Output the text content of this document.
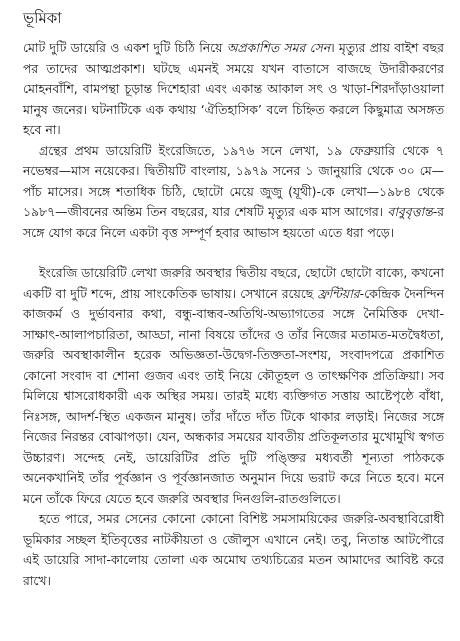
ভূমিকা

মোট দুটি ডায়েরি ও একশ দুটি চিঠি নিয়ে অপ্রকাশিত সমর সেন। মৃত্যুর প্রায় বাইশ বছর পর তাদের আত্মপ্রকাশ। ঘটছে এমনই সময়ে যখন বাতাসে বাজছে উদারীকরণের মোহনবাঁশি, বামপন্থা চূড়ান্ত দিশেহারা এবং একান্ত আকাল সৎ ও খাড়া-শিরদাঁড়াওয়ালা মানুষ জনের। ঘটনাটিকে এক কথায় ‘ঐতিহাসিক’ বলে চিহ্নিত করলে কিছুমাত্র অসঙ্গত হবে না।

গ্রন্থের প্রথম ডায়েরিটি ইংরেজিতে, ১৯৭৬ সনে লেখা, ১৯ ফেব্রুয়ারি থেকে ৭ নভেম্বর—মাস নয়েকের। দ্বিতীয়টি বাংলায়, ১৯৭৯ সনের ১ জানুয়ারি থেকে ৩০ মে—পাঁচ মাসের। সঙ্গে শতাধিক চিঠি, ছোটো মেয়ে জুজু (যূথী)-কে লেখা—১৯৮৪ থেকে ১৯৮৭—জীবনের অন্তিম তিন বছরের, যার শেষটি মৃত্যুর এক মাস আগের। বাবুবৃত্তান্ত-র সঙ্গে যোগ করে নিলে একটা বৃত্ত সম্পূর্ণ হবার আভাস হয়তো এতে ধরা পড়ে।

ইংরেজি ডায়েরিটি লেখা জরুরি অবস্থার দ্বিতীয় বছরে, ছোটো ছোটো বাক্যে, কখনো একটি বা দুটি শব্দে, প্রায় সাংকেতিক ভাষায়। সেখানে রয়েছে ফ্রন্টিয়ার-কেন্দ্রিক দৈনন্দিন কাজকর্ম ও দুর্ভাবনার কথা, বন্ধু-বান্ধব-অতিথি-অভ্যাগতের সঙ্গে নৈমিত্তিক দেখা-সাক্ষাৎ-আলাপচারিতা, আড্ডা, নানা বিষয়ে তাঁদের ও তাঁর নিজের মতামত-মতদ্বৈধতা, জরুরি অবস্থাকালীন হরেক অভিজ্ঞতা-উদ্বেগ-তিক্ততা-সংশয়, সংবাদপত্রে প্রকাশিত কোনো সংবাদ বা শোনা গুজব এবং তাই নিয়ে কৌতূহল ও তাৎক্ষণিক প্রতিক্রিয়া। সব মিলিয়ে শ্বাসরোধকারী এক অস্থির সময়। তারই মধ্যে ব্যক্তিগত সত্তায় আষ্টেপৃষ্ঠে বাঁধা, নিঃসঙ্গ, আদর্শ-স্থিত একজন মানুষ। তাঁর দাঁতে দাঁত টিকে থাকার লড়াই। নিজের সঙ্গে নিজের নিরন্তর বোঝাপড়া। যেন, অন্ধকার সময়ের যাবতীয় প্রতিকূলতার মুখোমুখি স্বগত উচ্চারণ। সন্দেহ নেই, ডায়েরিটির প্রতি দুটি পঙ্ক্তির মধ্যবর্তী শূন্যতা পাঠককে অনেকখানিই তাঁর পূর্বজ্ঞান ও পূর্বজ্ঞানজাত অনুমান দিয়ে ভরাট করে নিতে হবে। মনে মনে তাঁকে ফিরে যেতে হবে জরুরি অবস্থার দিনগুলি-রাতগুলিতে।

হতে পারে, সমর সেনের কোনো কোনো বিশিষ্ট সমসাময়িকের জরুরি-অবস্থাবিরোধী ভূমিকার সচ্ছল ইতিবৃত্তের নাটকীয়তা ও জৌলুস এখানে নেই। তবু, নিতান্ত আটপৌরে এই ডায়েরি সাদা-কালোয় তোলা এক অমোঘ তথ্যচিত্রের মতন আমাদের আবিষ্ট করে রাখে।
